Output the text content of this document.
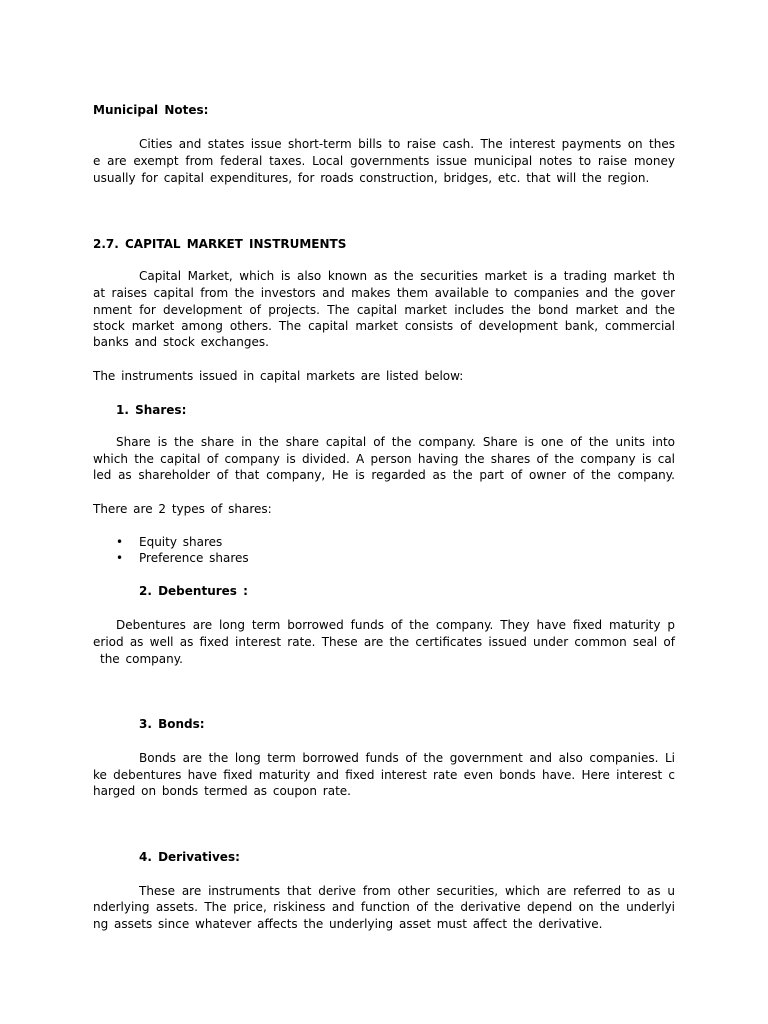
Municipal Notes:

Cities and states issue short-term bills to raise cash. The interest payments on thes

e are exempt from federal taxes. Local governments issue municipal notes to raise money

usually for capital expenditures, for roads construction, bridges, etc. that will the region.

2.7. CAPITAL MARKET INSTRUMENTS

Capital Market, which is also known as the securities market is a trading market th

at raises capital from the investors and makes them available to companies and the gover

nment for development of projects. The capital market includes the bond market and the

stock market among others. The capital market consists of development bank, commercial

banks and stock exchanges.

The instruments issued in capital markets are listed below:

1. Shares:

Share is the share in the share capital of the company. Share is one of the units into

which the capital of company is divided. A person having the shares of the company is cal

led as shareholder of that company, He is regarded as the part of owner of the company.

There are 2 types of shares:

• Equity shares
• Preference shares

2. Debentures :

Debentures are long term borrowed funds of the company. They have fixed maturity p

eriod as well as fixed interest rate. These are the certificates issued under common seal of

the company.

3. Bonds:

Bonds are the long term borrowed funds of the government and also companies. Li

ke debentures have fixed maturity and fixed interest rate even bonds have. Here interest c

harged on bonds termed as coupon rate.

4. Derivatives:

These are instruments that derive from other securities, which are referred to as u

nderlying assets. The price, riskiness and function of the derivative depend on the underlyi

ng assets since whatever affects the underlying asset must affect the derivative.
